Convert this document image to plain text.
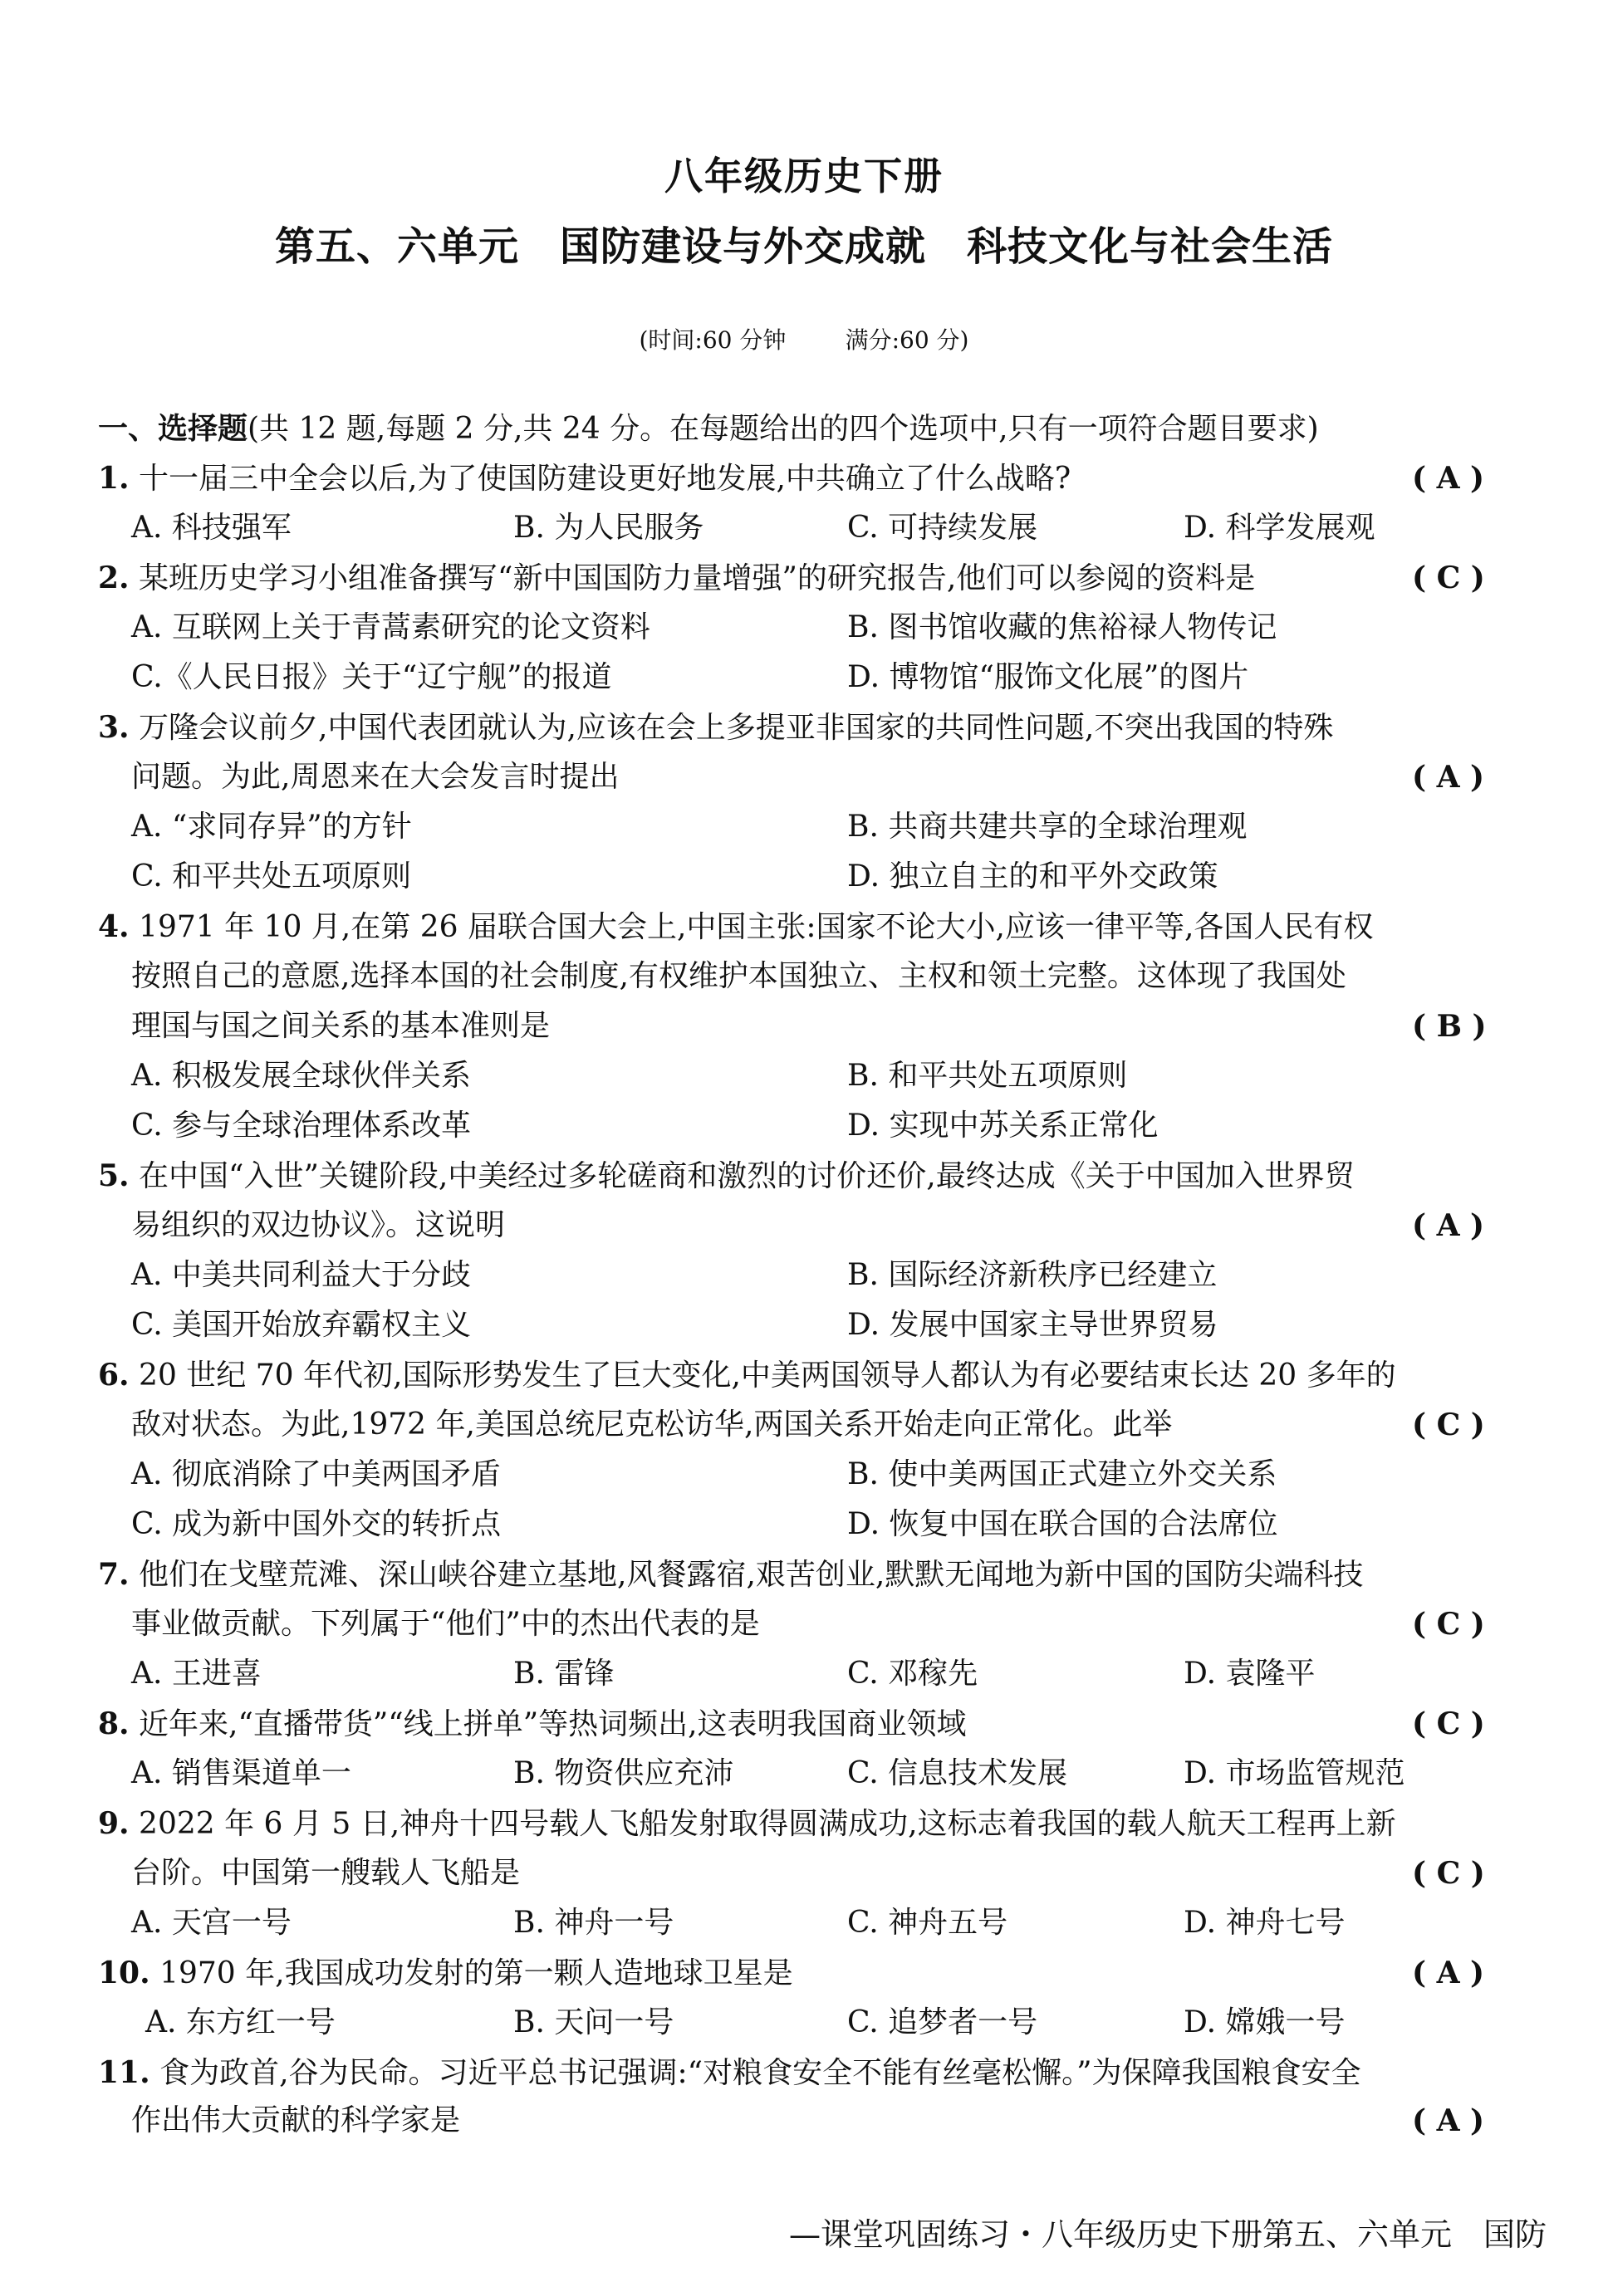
八年级历史下册
第五、六单元　国防建设与外交成就　科技文化与社会生活
(时间:60 分钟	满分:60 分)
一、选择题(共 12 题,每题 2 分,共 24 分。在每题给出的四个选项中,只有一项符合题目要求)
1. 十一届三中全会以后,为了使国防建设更好地发展,中共确立了什么战略?	( A )
A. 科技强军	B. 为人民服务	C. 可持续发展	D. 科学发展观
2. 某班历史学习小组准备撰写“新中国国防力量增强”的研究报告,他们可以参阅的资料是	( C )
A. 互联网上关于青蒿素研究的论文资料	B. 图书馆收藏的焦裕禄人物传记
C.《人民日报》关于“辽宁舰”的报道	D. 博物馆“服饰文化展”的图片
3. 万隆会议前夕,中国代表团就认为,应该在会上多提亚非国家的共同性问题,不突出我国的特殊
问题。为此,周恩来在大会发言时提出	( A )
A. “求同存异”的方针	B. 共商共建共享的全球治理观
C. 和平共处五项原则	D. 独立自主的和平外交政策
4. 1971 年 10 月,在第 26 届联合国大会上,中国主张:国家不论大小,应该一律平等,各国人民有权
按照自己的意愿,选择本国的社会制度,有权维护本国独立、主权和领土完整。这体现了我国处
理国与国之间关系的基本准则是	( B )
A. 积极发展全球伙伴关系	B. 和平共处五项原则
C. 参与全球治理体系改革	D. 实现中苏关系正常化
5. 在中国“入世”关键阶段,中美经过多轮磋商和激烈的讨价还价,最终达成《关于中国加入世界贸
易组织的双边协议》。这说明	( A )
A. 中美共同利益大于分歧	B. 国际经济新秩序已经建立
C. 美国开始放弃霸权主义	D. 发展中国家主导世界贸易
6. 20 世纪 70 年代初,国际形势发生了巨大变化,中美两国领导人都认为有必要结束长达 20 多年的
敌对状态。为此,1972 年,美国总统尼克松访华,两国关系开始走向正常化。此举	( C )
A. 彻底消除了中美两国矛盾	B. 使中美两国正式建立外交关系
C. 成为新中国外交的转折点	D. 恢复中国在联合国的合法席位
7. 他们在戈壁荒滩、深山峡谷建立基地,风餐露宿,艰苦创业,默默无闻地为新中国的国防尖端科技
事业做贡献。下列属于“他们”中的杰出代表的是	( C )
A. 王进喜	B. 雷锋	C. 邓稼先	D. 袁隆平
8. 近年来,“直播带货”“线上拼单”等热词频出,这表明我国商业领域	( C )
A. 销售渠道单一	B. 物资供应充沛	C. 信息技术发展	D. 市场监管规范
9. 2022 年 6 月 5 日,神舟十四号载人飞船发射取得圆满成功,这标志着我国的载人航天工程再上新
台阶。中国第一艘载人飞船是	( C )
A. 天宫一号	B. 神舟一号	C. 神舟五号	D. 神舟七号
10. 1970 年,我国成功发射的第一颗人造地球卫星是	( A )
A. 东方红一号	B. 天问一号	C. 追梦者一号	D. 嫦娥一号
11. 食为政首,谷为民命。习近平总书记强调:“对粮食安全不能有丝毫松懈。”为保障我国粮食安全
作出伟大贡献的科学家是	( A )
—课堂巩固练习・八年级历史下册第五、六单元　国防
